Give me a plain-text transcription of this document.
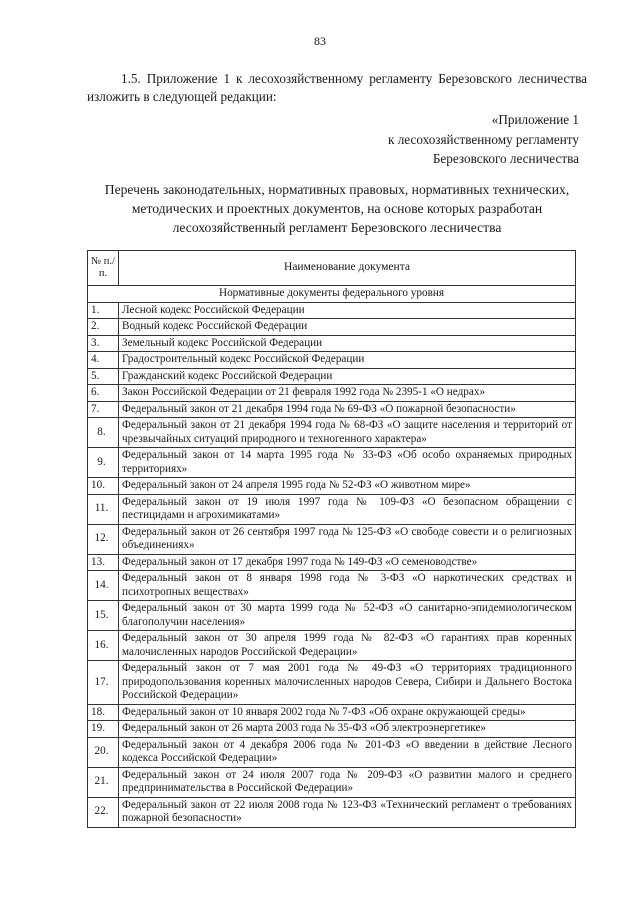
83
1.5. Приложение 1 к лесохозяйственному регламенту Березовского лесничества изложить в следующей редакции:
«Приложение 1
к лесохозяйственному регламенту
Березовского лесничества
Перечень законодательных, нормативных правовых, нормативных технических, методических и проектных документов, на основе которых разработан лесохозяйственный регламент Березовского лесничества
№ п./п.	Наименование документа
Нормативные документы федерального уровня	
1.	Лесной кодекс Российской Федерации
2.	Водный кодекс Российской Федерации
3.	Земельный кодекс Российской Федерации
4.	Градостроительный кодекс Российской Федерации
5.	Гражданский кодекс Российской Федерации
6.	Закон Российской Федерации от 21 февраля 1992 года № 2395-1 «О недрах»
7.	Федеральный закон от 21 декабря 1994 года № 69-ФЗ «О пожарной безопасности»
8.	Федеральный закон от 21 декабря 1994 года № 68-ФЗ «О защите населения и территорий от чрезвычайных ситуаций природного и техногенного характера»
9.	Федеральный закон от 14 марта 1995 года № 33-ФЗ «Об особо охраняемых природных территориях»
10.	Федеральный закон от 24 апреля 1995 года № 52-ФЗ «О животном мире»
11.	Федеральный закон от 19 июля 1997 года № 109-ФЗ «О безопасном обращении с пестицидами и агрохимикатами»
12.	Федеральный закон от 26 сентября 1997 года № 125-ФЗ «О свободе совести и о религиозных объединениях»
13.	Федеральный закон от 17 декабря 1997 года № 149-ФЗ «О семеноводстве»
14.	Федеральный закон от 8 января 1998 года № 3-ФЗ «О наркотических средствах и психотропных веществах»
15.	Федеральный закон от 30 марта 1999 года № 52-ФЗ «О санитарно-эпидемиологическом благополучии населения»
16.	Федеральный закон от 30 апреля 1999 года № 82-ФЗ «О гарантиях прав коренных малочисленных народов Российской Федерации»
17.	Федеральный закон от 7 мая 2001 года № 49-ФЗ «О территориях традиционного природопользования коренных малочисленных народов Севера, Сибири и Дальнего Востока Российской Федерации»
18.	Федеральный закон от 10 января 2002 года № 7-ФЗ «Об охране окружающей среды»
19.	Федеральный закон от 26 марта 2003 года № 35-ФЗ «Об электроэнергетике»
20.	Федеральный закон от 4 декабря 2006 года № 201-ФЗ «О введении в действие Лесного кодекса Российской Федерации»
21.	Федеральный закон от 24 июля 2007 года № 209-ФЗ «О развитии малого и среднего предпринимательства в Российской Федерации»
22.	Федеральный закон от 22 июля 2008 года № 123-ФЗ «Технический регламент о требованиях пожарной безопасности»
